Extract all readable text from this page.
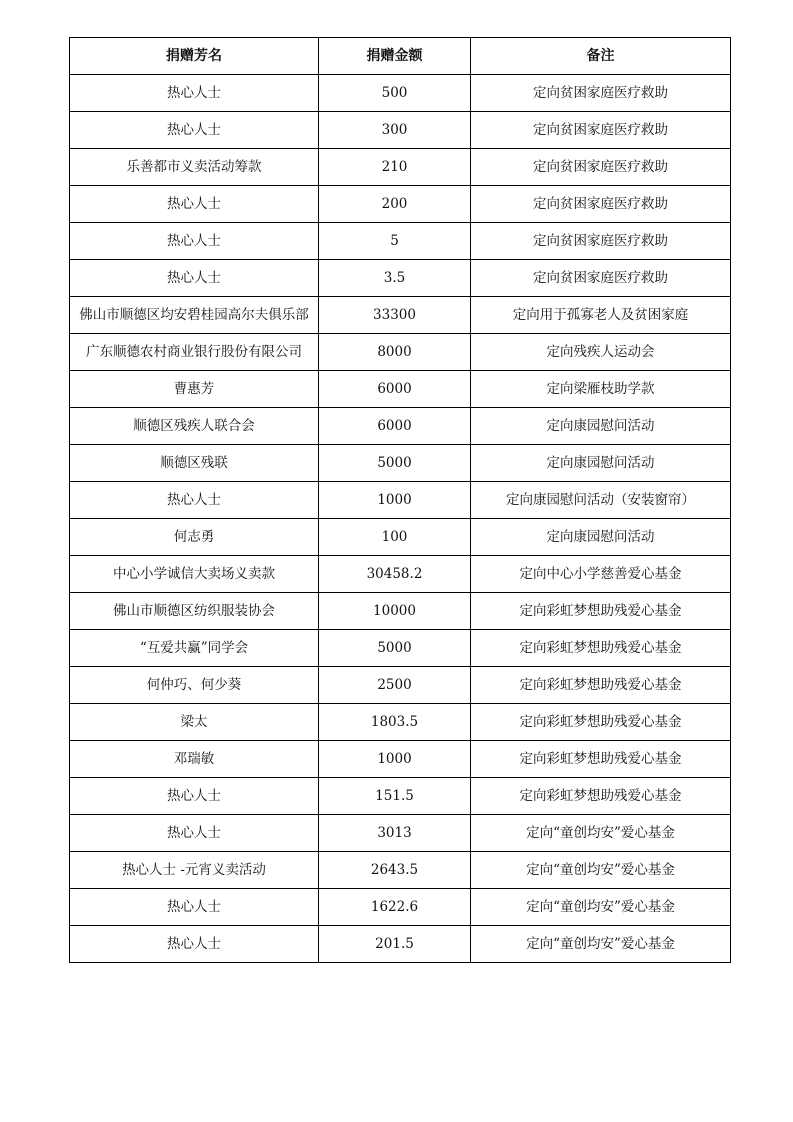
捐赠芳名	捐赠金额	备注
热心人士	500	定向贫困家庭医疗救助
热心人士	300	定向贫困家庭医疗救助
乐善都市义卖活动筹款	210	定向贫困家庭医疗救助
热心人士	200	定向贫困家庭医疗救助
热心人士	5	定向贫困家庭医疗救助
热心人士	3.5	定向贫困家庭医疗救助
佛山市顺德区均安碧桂园高尔夫俱乐部	33300	定向用于孤寡老人及贫困家庭
广东顺德农村商业银行股份有限公司	8000	定向残疾人运动会
曹惠芳	6000	定向梁雁枝助学款
顺德区残疾人联合会	6000	定向康园慰问活动
顺德区残联	5000	定向康园慰问活动
热心人士	1000	定向康园慰问活动（安装窗帘）
何志勇	100	定向康园慰问活动
中心小学诚信大卖场义卖款	30458.2	定向中心小学慈善爱心基金
佛山市顺德区纺织服装协会	10000	定向彩虹梦想助残爱心基金
“互爱共赢”同学会	5000	定向彩虹梦想助残爱心基金
何仲巧、何少葵	2500	定向彩虹梦想助残爱心基金
梁太	1803.5	定向彩虹梦想助残爱心基金
邓瑞敏	1000	定向彩虹梦想助残爱心基金
热心人士	151.5	定向彩虹梦想助残爱心基金
热心人士	3013	定向“童创均安”爱心基金
热心人士 -元宵义卖活动	2643.5	定向“童创均安”爱心基金
热心人士	1622.6	定向“童创均安”爱心基金
热心人士	201.5	定向“童创均安”爱心基金
